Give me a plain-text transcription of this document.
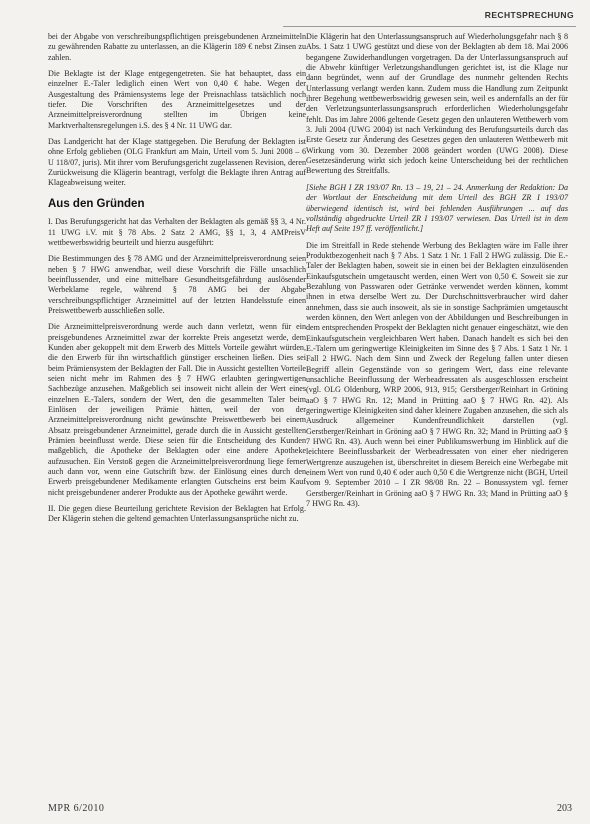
RECHTSPRECHUNG

bei der Abgabe von verschreibungspflichtigen preisgebundenen Arzneimitteln zu gewährenden Rabatte zu unterlassen, an die Klägerin 189 € nebst Zinsen zu zahlen.

Die Beklagte ist der Klage entgegengetreten. Sie hat behauptet, dass ein einzelner E.-Taler lediglich einen Wert von 0,40 € habe. Wegen der Ausgestaltung des Prämiensystems lege der Preisnachlass tatsächlich noch tiefer. Die Vorschriften des Arzneimittelgesetzes und der Arzneimittelpreisverordnung stellten im Übrigen keine Marktverhaltensregelungen i.S. des § 4 Nr. 11 UWG dar.

Das Landgericht hat der Klage stattgegeben. Die Berufung der Beklagten ist ohne Erfolg geblieben (OLG Frankfurt am Main, Urteil vom 5. Juni 2008 – 6 U 118/07, juris). Mit ihrer vom Berufungsgericht zugelassenen Revision, deren Zurückweisung die Klägerin beantragt, verfolgt die Beklagte ihren Antrag auf Klageabweisung weiter.

Aus den Gründen

I. Das Berufungsgericht hat das Verhalten der Beklagten als gemäß §§ 3, 4 Nr. 11 UWG i.V. mit § 78 Abs. 2 Satz 2 AMG, §§ 1, 3, 4 AMPreisV wettbewerbswidrig beurteilt und hierzu ausgeführt:

Die Bestimmungen des § 78 AMG und der Arzneimittelpreisverordnung seien neben § 7 HWG anwendbar, weil diese Vorschrift die Fälle unsachlich beeinflussender, und eine mittelbare Gesundheitsgefährdung auslösender Werbeklame regele, während § 78 AMG bei der Abgabe verschreibungspflichtiger Arzneimittel auf der letzten Handelsstufe einen Preiswettbewerb ausschließen solle.

Die Arzneimittelpreisverordnung werde auch dann verletzt, wenn für ein preisgebundenes Arzneimittel zwar der korrekte Preis angesetzt werde, dem Kunden aber gekoppelt mit dem Erwerb des Mittels Vorteile gewährt würden, die den Erwerb für ihn wirtschaftlich günstiger erscheinen ließen. Dies sei beim Prämiensystem der Beklagten der Fall. Die in Aussicht gestellten Vorteile seien nicht mehr im Rahmen des § 7 HWG erlaubten geringwertigen Sachbezüge anzusehen. Maßgeblich sei insoweit nicht allein der Wert eines einzelnen E.-Talers, sondern der Wert, den die gesammelten Taler beim Einlösen der jeweiligen Prämie hätten, weil der von der Arzneimittelpreisverordnung nicht gewünschte Preiswettbewerb bei einem Absatz preisgebundener Arzneimittel, gerade durch die in Aussicht gestellten Prämien beeinflusst werde. Diese seien für die Entscheidung des Kunden maßgeblich, die Apotheke der Beklagten oder eine andere Apotheke aufzusuchen. Ein Verstoß gegen die Arzneimittelpreisverordnung liege ferner auch dann vor, wenn eine Gutschrift bzw. der Einlösung eines durch den Erwerb preisgebundener Medikamente erlangten Gutscheins erst beim Kauf nicht preisgebundener anderer Produkte aus der Apotheke gewährt werde.

II. Die gegen diese Beurteilung gerichtete Revision der Beklagten hat Erfolg. Der Klägerin stehen die geltend gemachten Unterlassungsansprüche nicht zu.

Die Klägerin hat den Unterlassungsanspruch auf Wiederholungsgefahr nach § 8 Abs. 1 Satz 1 UWG gestützt und diese von der Beklagten ab dem 18. Mai 2006 begangene Zuwiderhandlungen vorgetragen. Da der Unterlassungsanspruch auf die Abwehr künftiger Verletzungshandlungen gerichtet ist, ist die Klage nur dann begründet, wenn auf der Grundlage des nunmehr geltenden Rechts Unterlassung verlangt werden kann. Zudem muss die Handlung zum Zeitpunkt ihrer Begehung wettbewerbswidrig gewesen sein, weil es andernfalls an der für den Verletzungsunterlassungsanspruch erforderlichen Wiederholungsgefahr fehlt. Das im Jahre 2006 geltende Gesetz gegen den unlauteren Wettbewerb vom 3. Juli 2004 (UWG 2004) ist nach Verkündung des Berufungsurteils durch das Erste Gesetz zur Änderung des Gesetzes gegen den unlauteren Wettbewerb mit Wirkung vom 30. Dezember 2008 geändert worden (UWG 2008). Diese Gesetzesänderung wirkt sich jedoch keine Unterscheidung bei der rechtlichen Bewertung des Streitfalls.

[Siehe BGH I ZR 193/07 Rn. 13 – 19, 21 – 24. Anmerkung der Redaktion: Da der Wortlaut der Entscheidung mit dem Urteil des BGH ZR I 193/07 überwiegend identisch ist, wird bei fehlenden Ausführungen ... auf das vollständig abgedruckte Urteil ZR I 193/07 verwiesen. Das Urteil ist in dem Heft auf Seite 197 ff. veröffentlicht.]

Die im Streitfall in Rede stehende Werbung des Beklagten wäre im Falle ihrer Produktbezogenheit nach § 7 Abs. 1 Satz 1 Nr. 1 Fall 2 HWG zulässig. Die E.-Taler der Beklagten haben, soweit sie in einen bei der Beklagten einzulösenden Einkaufsgutschein umgetauscht werden, einen Wert von 0,50 €. Soweit sie zur Bezahlung von Passwaren oder Getränke verwendet werden können, kommt ihnen in etwa derselbe Wert zu. Der Durchschnittsverbraucher wird daher annehmen, dass sie auch insoweit, als sie in sonstige Sachprämien umgetauscht werden können, den Wert anlegen von der Abbildungen und Beschreibungen in dem entsprechenden Prospekt der Beklagten nicht genauer eingeschätzt, wie den Einkaufsgutschein vergleichbaren Wert haben. Danach handelt es sich bei den E.-Talern um geringwertige Kleinigkeiten im Sinne des § 7 Abs. 1 Satz 1 Nr. 1 Fall 2 HWG. Nach dem Sinn und Zweck der Regelung fallen unter diesen Begriff allein Gegenstände von so geringem Wert, dass eine relevante unsachliche Beeinflussung der Werbeadressaten als ausgeschlossen erscheint (vgl. OLG Oldenburg, WRP 2006, 913, 915; Gerstberger/Reinhart in Gröning aaO § 7 HWG Rn. 12; Mand in Prütting aaO § 7 HWG Rn. 42). Als geringwertige Kleinigkeiten sind daher kleinere Zugaben anzusehen, die sich als Ausdruck allgemeiner Kundenfreundlichkeit darstellen (vgl. Gerstberger/Reinhart in Gröning aaO § 7 HWG Rn. 32; Mand in Prütting aaO § 7 HWG Rn. 43). Auch wenn bei einer Publikumswerbung im Hinblick auf die leichtere Beeinflussbarkeit der Werbeadressaten von einer eher niedrigeren Wertgrenze auszugehen ist, überschreitet in diesem Bereich eine Werbegabe mit einem Wert von rund 0,40 € oder auch 0,50 € die Wertgrenze nicht (BGH, Urteil vom 9. September 2010 – I ZR 98/08 Rn. 22 – Bonussystem vgl. ferner Gerstberger/Reinhart in Gröning aaO § 7 HWG Rn. 33; Mand in Prütting aaO § 7 HWG Rn. 43).

MPR 6/2010	203
